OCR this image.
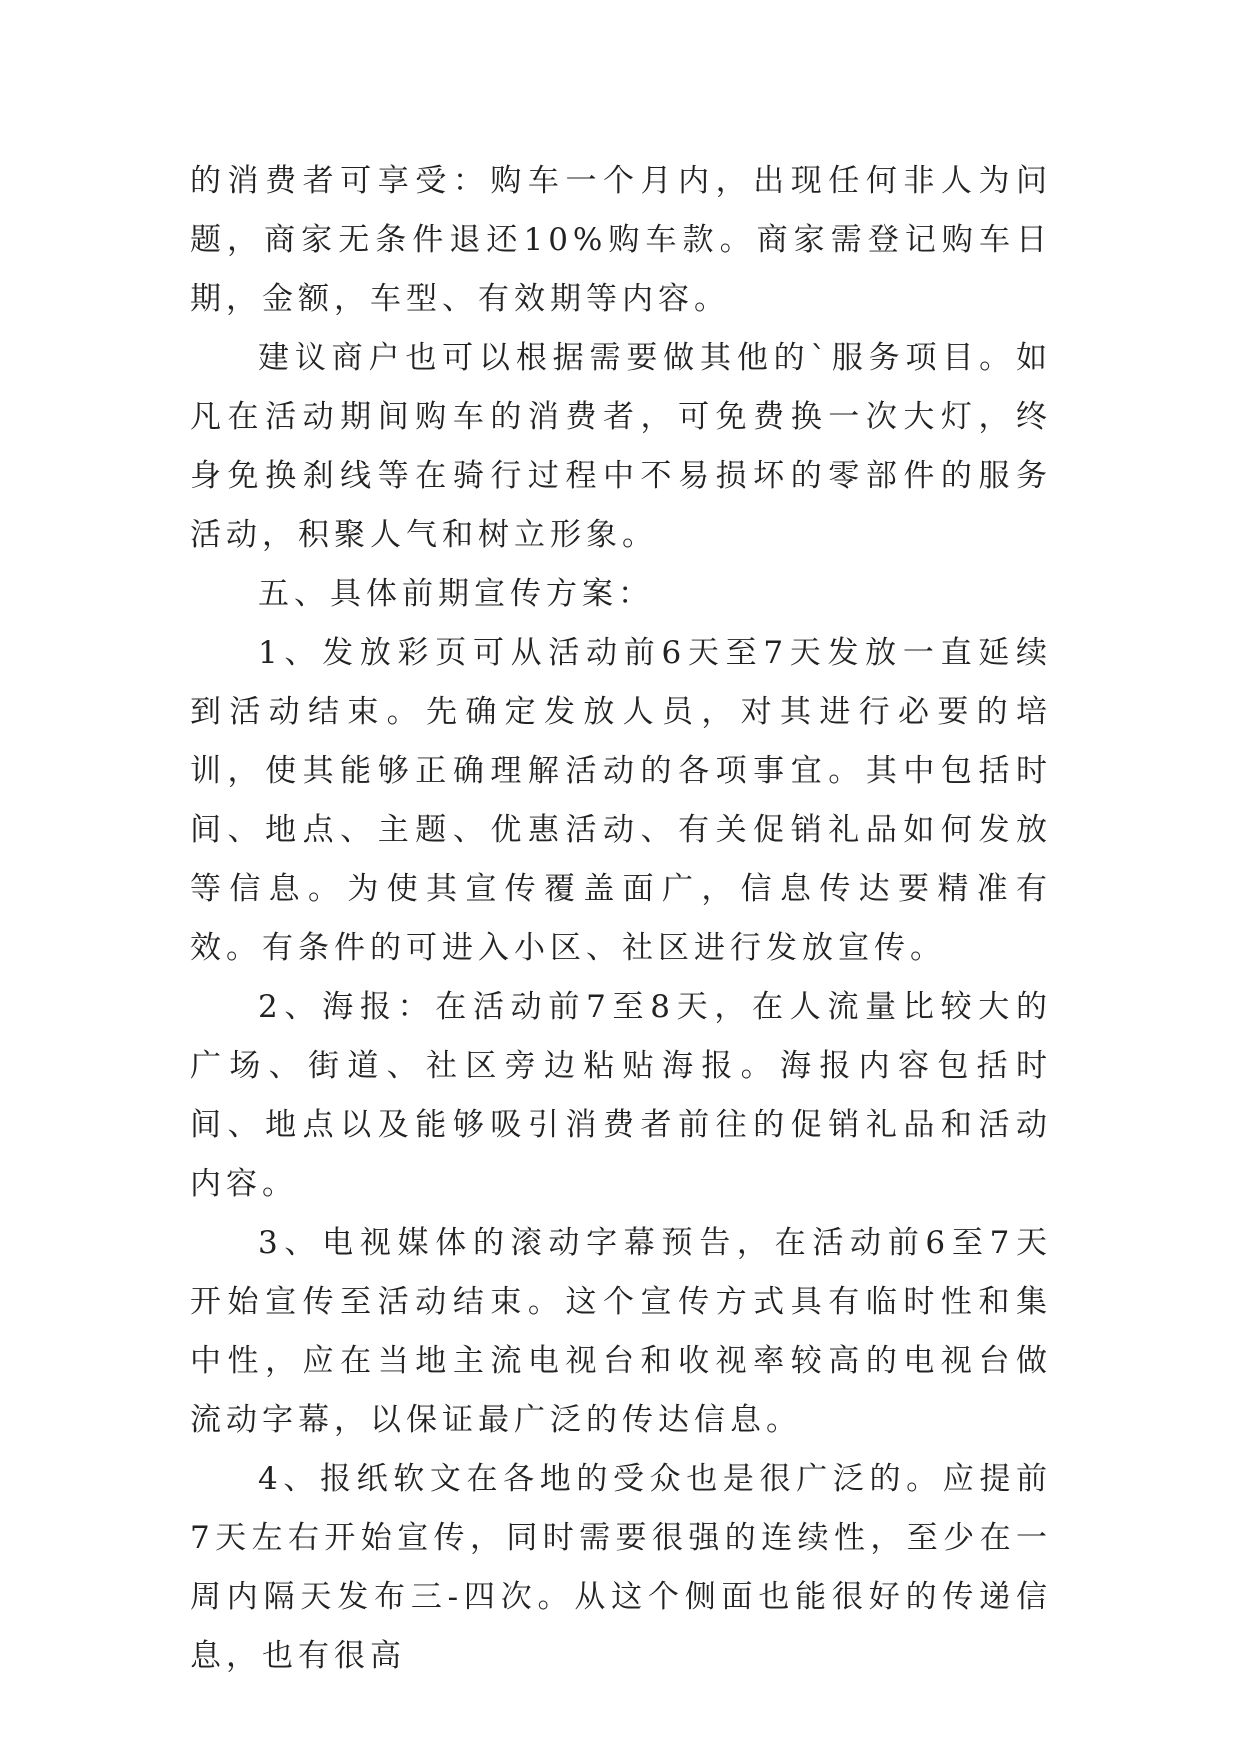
的消费者可享受：购车一个月内，出现任何非人为问题，商家无条件退还10%购车款。商家需登记购车日期，金额，车型、有效期等内容。

建议商户也可以根据需要做其他的`服务项目。如凡在活动期间购车的消费者，可免费换一次大灯，终身免换刹线等在骑行过程中不易损坏的零部件的服务活动，积聚人气和树立形象。

五、具体前期宣传方案：

1、发放彩页可从活动前6天至7天发放一直延续到活动结束。先确定发放人员，对其进行必要的培训，使其能够正确理解活动的各项事宜。其中包括时间、地点、主题、优惠活动、有关促销礼品如何发放等信息。为使其宣传覆盖面广，信息传达要精准有效。有条件的可进入小区、社区进行发放宣传。

2、海报：在活动前7至8天，在人流量比较大的广场、街道、社区旁边粘贴海报。海报内容包括时间、地点以及能够吸引消费者前往的促销礼品和活动内容。

3、电视媒体的滚动字幕预告，在活动前6至7天开始宣传至活动结束。这个宣传方式具有临时性和集中性，应在当地主流电视台和收视率较高的电视台做流动字幕，以保证最广泛的传达信息。

4、报纸软文在各地的受众也是很广泛的。应提前7天左右开始宣传，同时需要很强的连续性，至少在一周内隔天发布三-四次。从这个侧面也能很好的传递信息，也有很高
